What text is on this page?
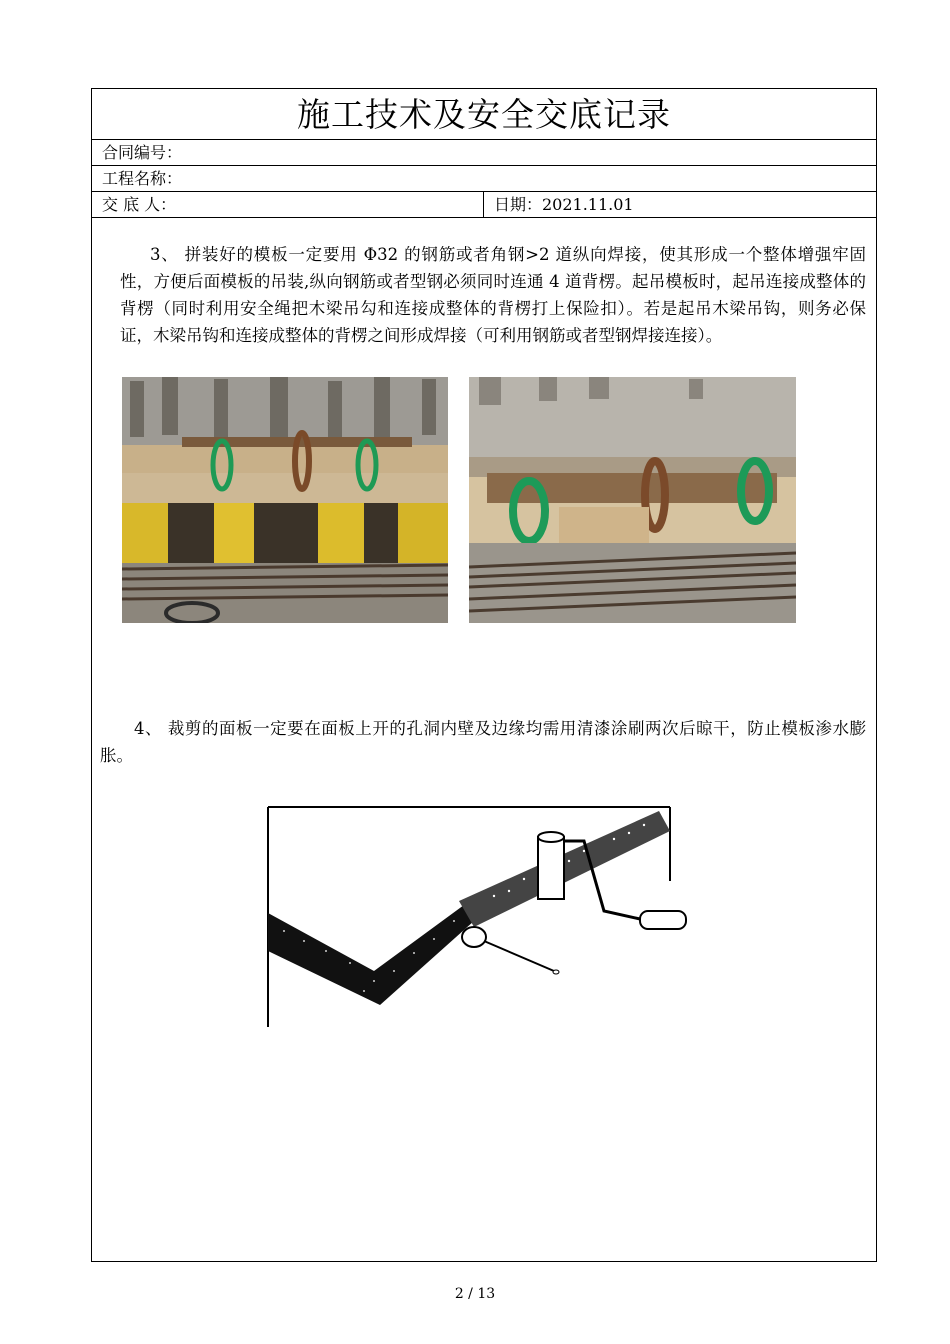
施工技术及安全交底记录
合同编号：
工程名称：
交 底 人：	日期：2021.11.01
3、 拼装好的模板一定要用 Φ32 的钢筋或者角钢>2 道纵向焊接，使其形成一个整体增强牢固性，方便后面模板的吊装,纵向钢筋或者型钢必须同时连通 4 道背楞。起吊模板时，起吊连接成整体的背楞（同时利用安全绳把木梁吊勾和连接成整体的背楞打上保险扣）。若是起吊木梁吊钩，则务必保证，木梁吊钩和连接成整体的背楞之间形成焊接（可利用钢筋或者型钢焊接连接）。
4、 裁剪的面板一定要在面板上开的孔洞内壁及边缘均需用清漆涂刷两次后晾干，防止模板渗水膨胀。
2 / 13
